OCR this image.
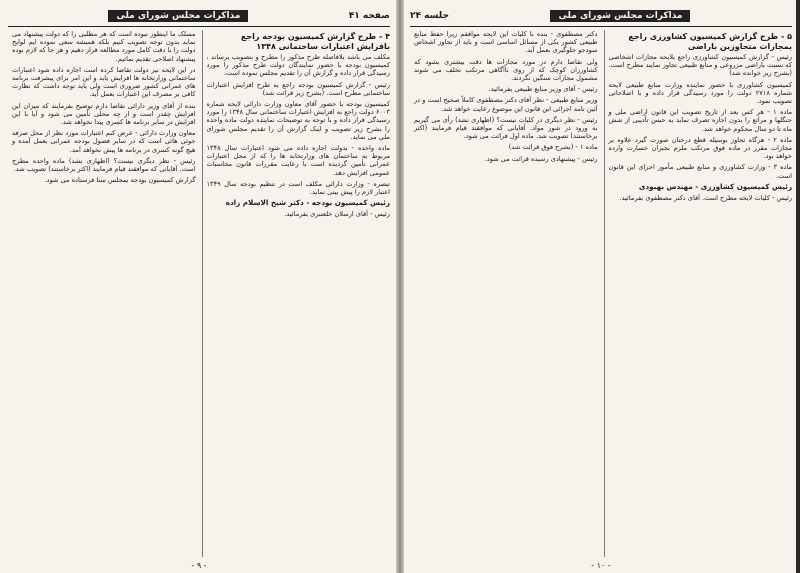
صفحه ۴۱
مذاکرات مجلس شورای ملی
۴ - طرح گزارش کمیسیون بودجه راجع بافزایش اعتبارات ساختمانی ۱۳۴۸

مکلف می باشد بلافاصله طرح مذکور را مطرح و بتصویب برساند ، کمیسیون بودجه با حضور نمایندگان دولت طرح مذکور را مورد رسیدگی قرار داده و گزارش آن را تقدیم مجلس نموده است.

رئیس - گزارش کمیسیون بودجه راجع به طرح افزایش اعتبارات ساختمانی مطرح است. (بشرح زیر قرائت شد)

کمیسیون بودجه با حضور آقای معاون وزارت دارائی لایحه شماره ۶۰۰۳ دولت راجع به افزایش اعتبارات ساختمانی سال ۱۳۴۸ را مورد رسیدگی قرار داده و با توجه به توضیحات نماینده دولت ماده واحده را بشرح زیر تصویب و اینک گزارش آن را تقدیم مجلس شورای ملی می نماید.

ماده واحده - بدولت اجازه داده می شود اعتبارات سال ۱۳۴۸ مربوط به ساختمان های وزارتخانه ها را که از محل اعتبارات عمرانی تأمین گردیده است با رعایت مقررات قانون محاسبات عمومی افزایش دهد.

تبصره - وزارت دارائی مکلف است در تنظیم بودجه سال ۱۳۴۹ اعتبار لازم را پیش بینی نماید.

رئیس کمیسیون بودجه - دکتر شیخ الاسلام زاده

رئیس - آقای ارسلان خلعتبری بفرمائید.

مسلک ما اینطور نبوده است که هر مطلبی را که دولت پیشنهاد می نماید بدون توجه تصویب کنیم بلکه همیشه سعی نموده ایم لوایح دولت را با دقت کامل مورد مطالعه قرار دهیم و هر جا که لازم بوده پیشنهاد اصلاحی تقدیم نمائیم.

در این لایحه نیز دولت تقاضا کرده است اجازه داده شود اعتبارات ساختمانی وزارتخانه ها افزایش یابد و این امر برای پیشرفت برنامه های عمرانی کشور ضروری است ولی باید توجه داشت که نظارت کافی بر مصرف این اعتبارات بعمل آید.

بنده از آقای وزیر دارائی تقاضا دارم توضیح بفرمایند که میزان این افزایش چقدر است و از چه محلی تأمین می شود و آیا با این افزایش در سایر برنامه ها کسری پیدا نخواهد شد.

معاون وزارت دارائی - عرض کنم اعتبارات مورد نظر از محل صرفه جوئی هائی است که در سایر فصول بودجه عمرانی بعمل آمده و هیچ گونه کسری در برنامه ها پیش نخواهد آمد.

رئیس - نظر دیگری نیست؟ (اظهاری نشد) ماده واحده مطرح است. آقایانی که موافقند قیام فرمایند (اکثر برخاستند) تصویب شد.

گزارش کمیسیون بودجه بمجلس سنا فرستاده می شود.

- ۹ -
مذاکرات مجلس شورای ملی
جلسه ۲۴
۵ - طرح گزارش کمیسیون کشاورزی راجع بمجازات متجاوزین باراضی

رئیس - گزارش کمیسیون کشاورزی راجع بلایحه مجازات اشخاصی که نسبت باراضی مزروعی و منابع طبیعی تجاوز نمایند مطرح است. (بشرح زیر خوانده شد)

کمیسیون کشاورزی با حضور نماینده وزارت منابع طبیعی لایحه شماره ۲۷۱۸ دولت را مورد رسیدگی قرار داده و با اصلاحاتی تصویب نمود.

ماده ۱ - هر کس بعد از تاریخ تصویب این قانون اراضی ملی و جنگلها و مراتع را بدون اجازه تصرف نماید به حبس تأدیبی از شش ماه تا دو سال محکوم خواهد شد.

ماده ۲ - هرگاه تجاوز بوسیله قطع درختان صورت گیرد علاوه بر مجازات مقرر در ماده فوق مرتکب ملزم بجبران خسارت وارده خواهد بود.

ماده ۳ - وزارت کشاورزی و منابع طبیعی مأمور اجرای این قانون است.

رئیس کمیسیون کشاورزی - مهندس بهبودی

رئیس - کلیات لایحه مطرح است. آقای دکتر مصطفوی بفرمائید.

دکتر مصطفوی - بنده با کلیات این لایحه موافقم زیرا حفظ منابع طبیعی کشور یکی از مسائل اساسی است و باید از تجاوز اشخاص سودجو جلوگیری بعمل آید.

ولی تقاضا دارم در مورد مجازات ها دقت بیشتری بشود که کشاورزان کوچک که از روی ناآگاهی مرتکب تخلف می شوند مشمول مجازات سنگین نگردند.

رئیس - آقای وزیر منابع طبیعی بفرمائید.

وزیر منابع طبیعی - نظر آقای دکتر مصطفوی کاملاً صحیح است و در آئین نامه اجرائی این قانون این موضوع رعایت خواهد شد.

رئیس - نظر دیگری در کلیات نیست؟ (اظهاری نشد) رأی می گیریم به ورود در شور مواد. آقایانی که موافقند قیام فرمایند (اکثر برخاستند) تصویب شد. ماده اول قرائت می شود.

ماده ۱ - (بشرح فوق قرائت شد)

رئیس - پیشنهادی رسیده قرائت می شود.

- ۱۰ -
